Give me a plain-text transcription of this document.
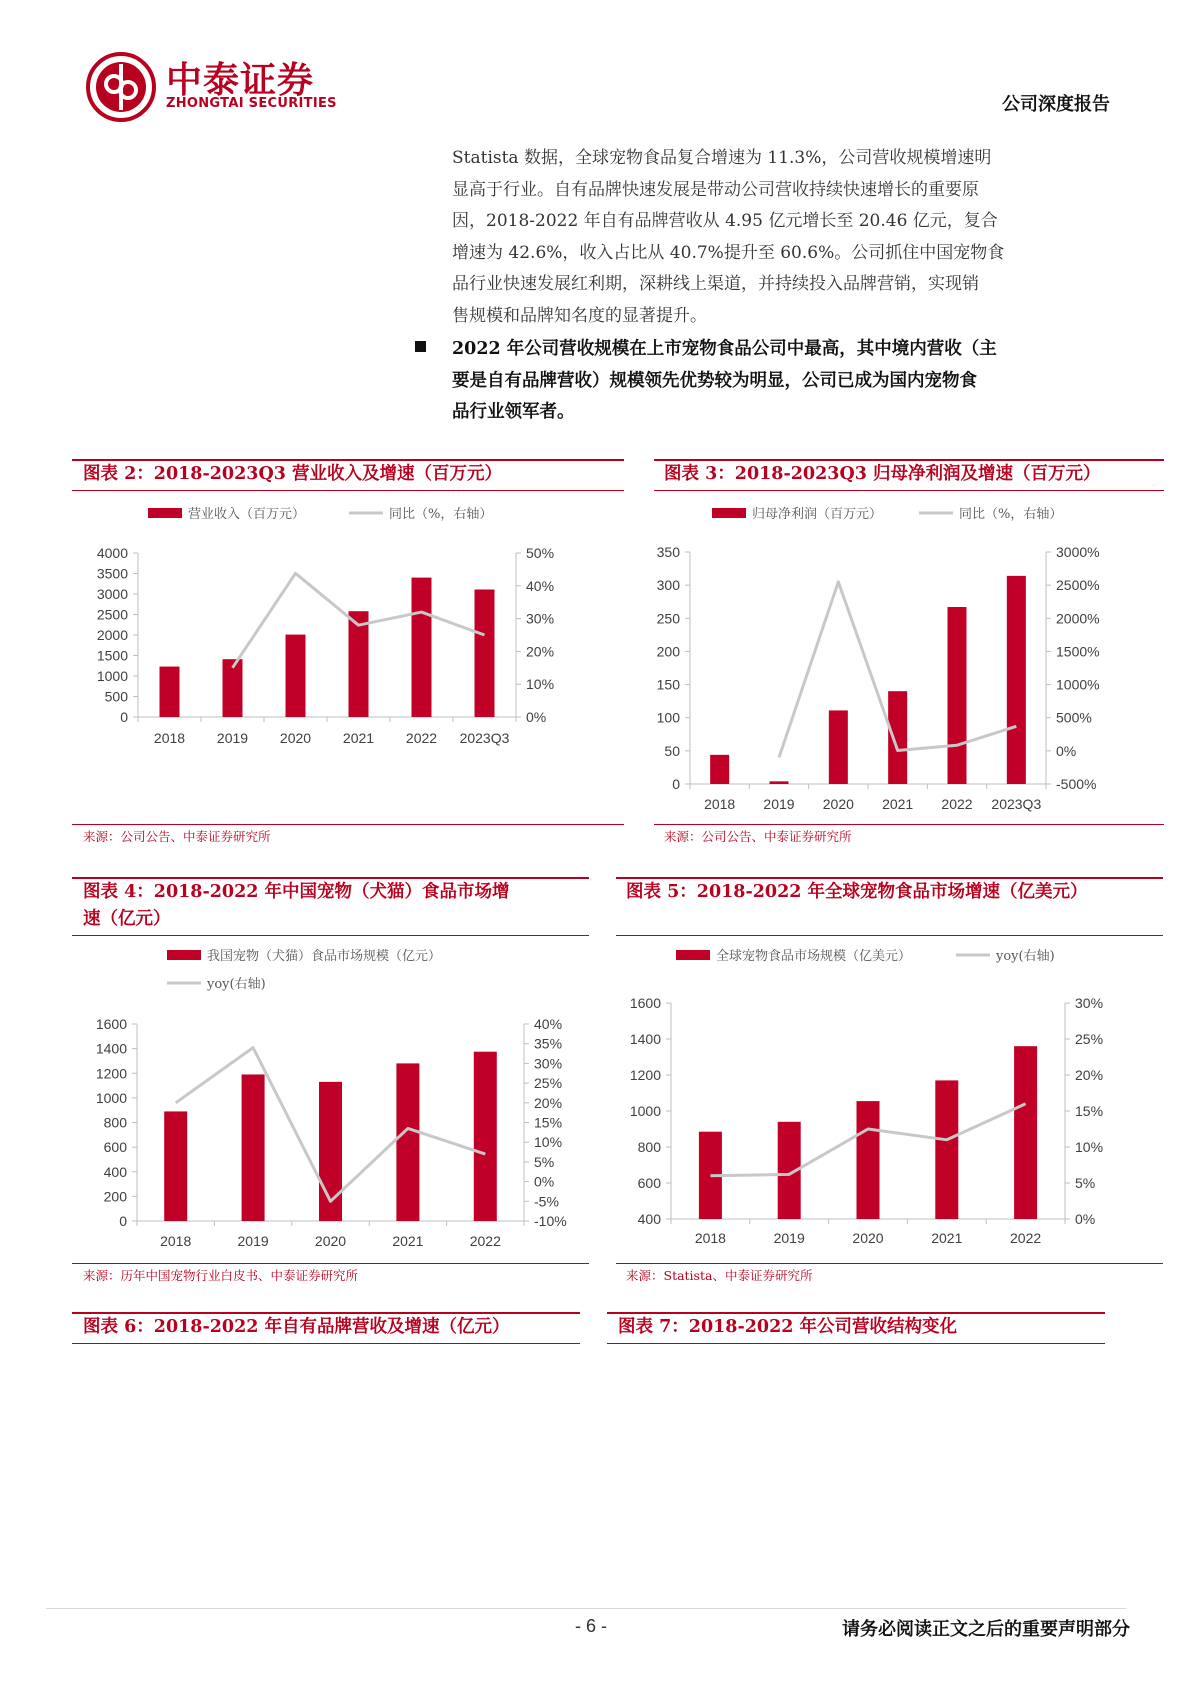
中泰证券
ZHONGTAI SECURITIES	公司深度报告

Statista 数据，全球宠物食品复合增速为 11.3%，公司营收规模增速明

显高于行业。自有品牌快速发展是带动公司营收持续快速增长的重要原

因，2018-2022 年自有品牌营收从 4.95 亿元增长至 20.46 亿元，复合

增速为 42.6%，收入占比从 40.7%提升至 60.6%。公司抓住中国宠物食

品行业快速发展红利期，深耕线上渠道，并持续投入品牌营销，实现销

售规模和品牌知名度的显著提升。

2022 年公司营收规模在上市宠物食品公司中最高，其中境内营收（主

要是自有品牌营收）规模领先优势较为明显，公司已成为国内宠物食

品行业领军者。

图表 2：2018-2023Q3 营业收入及增速（百万元）
营业收入（百万元）	同比（%，右轴）
0
500
1000
1500
2000
2500
3000
3500
4000
0%
10%
20%
30%
40%
50%
2018 2019 2020 2021 2022 2023Q3
来源：公司公告、中泰证券研究所
图表 3：2018-2023Q3 归母净利润及增速（百万元）
归母净利润（百万元）	同比（%，右轴）
0
50
100
150
200
250
300
350
-500%
0%
500%
1000%
1500%
2000%
2500%
3000%
2018 2019 2020 2021 2022 2023Q3
来源：公司公告、中泰证券研究所
图表 4：2018-2022 年中国宠物（犬猫）食品市场增
速（亿元）
我国宠物（犬猫）食品市场规模（亿元）
yoy(右轴)
0
200
400
600
800
1000
1200
1400
1600
-10%
-5%
0%
5%
10%
15%
20%
25%
30%
35%
40%
2018	2019	2020	2021	2022
来源：历年中国宠物行业白皮书、中泰证券研究所
图表 5：2018-2022 年全球宠物食品市场增速（亿美元）
全球宠物食品市场规模（亿美元）	yoy(右轴)
400
600
800
1000
1200
1400
1600
0%
5%
10%
15%
20%
25%
30%
2018	2019	2020	2021	2022
来源：Statista、中泰证券研究所
图表 6：2018-2022 年自有品牌营收及增速（亿元）	图表 7：2018-2022 年公司营收结构变化
- 6 -	请务必阅读正文之后的重要声明部分
